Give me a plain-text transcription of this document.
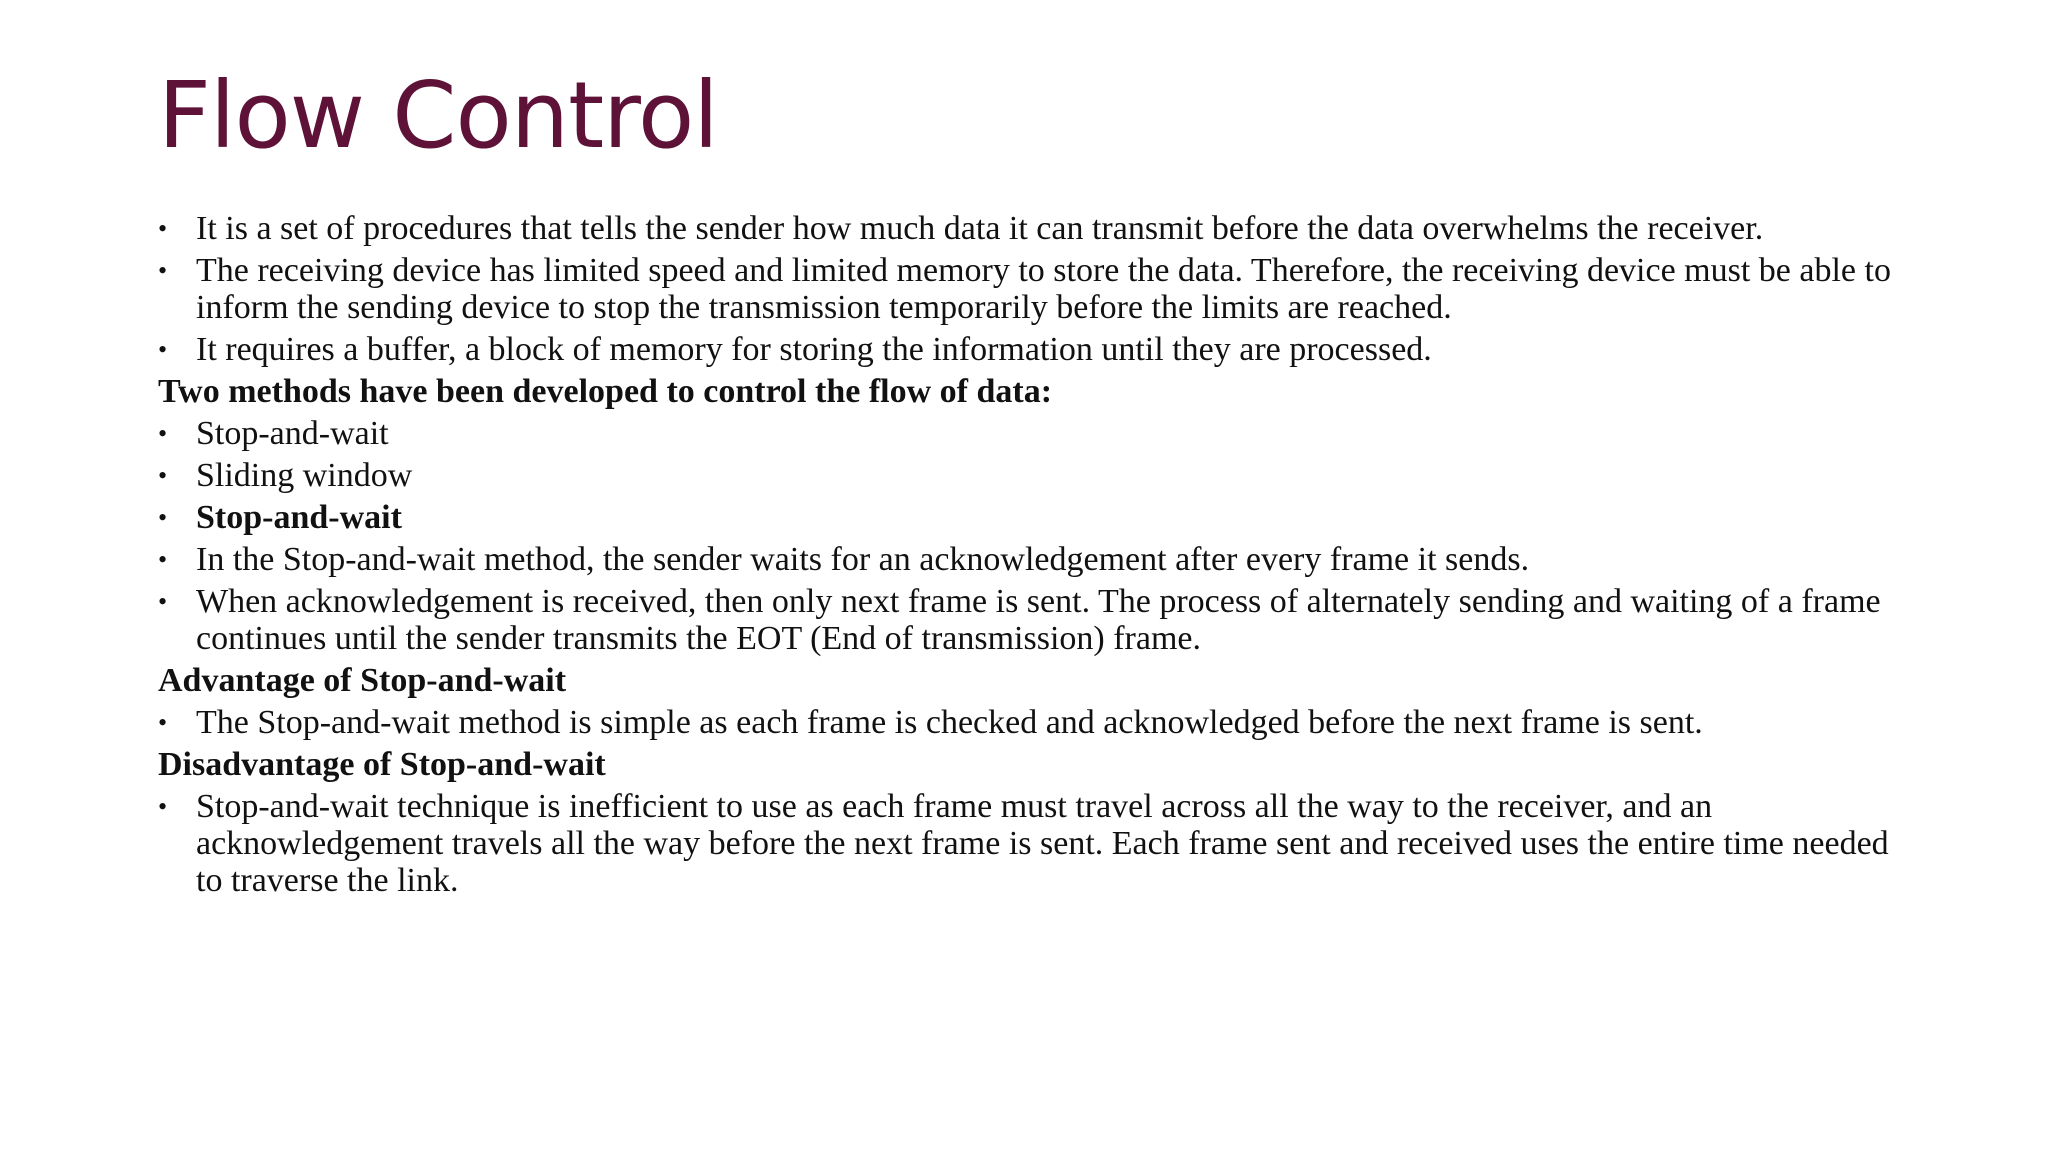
Flow Control
• It is a set of procedures that tells the sender how much data it can transmit before the data overwhelms the receiver.
• The receiving device has limited speed and limited memory to store the data. Therefore, the receiving device must be able to inform the sending device to stop the transmission temporarily before the limits are reached.
• It requires a buffer, a block of memory for storing the information until they are processed.
Two methods have been developed to control the flow of data:
• Stop-and-wait
• Sliding window
• Stop-and-wait
• In the Stop-and-wait method, the sender waits for an acknowledgement after every frame it sends.
• When acknowledgement is received, then only next frame is sent. The process of alternately sending and waiting of a frame continues until the sender transmits the EOT (End of transmission) frame.
Advantage of Stop-and-wait
• The Stop-and-wait method is simple as each frame is checked and acknowledged before the next frame is sent.
Disadvantage of Stop-and-wait
• Stop-and-wait technique is inefficient to use as each frame must travel across all the way to the receiver, and an acknowledgement travels all the way before the next frame is sent. Each frame sent and received uses the entire time needed to traverse the link.
